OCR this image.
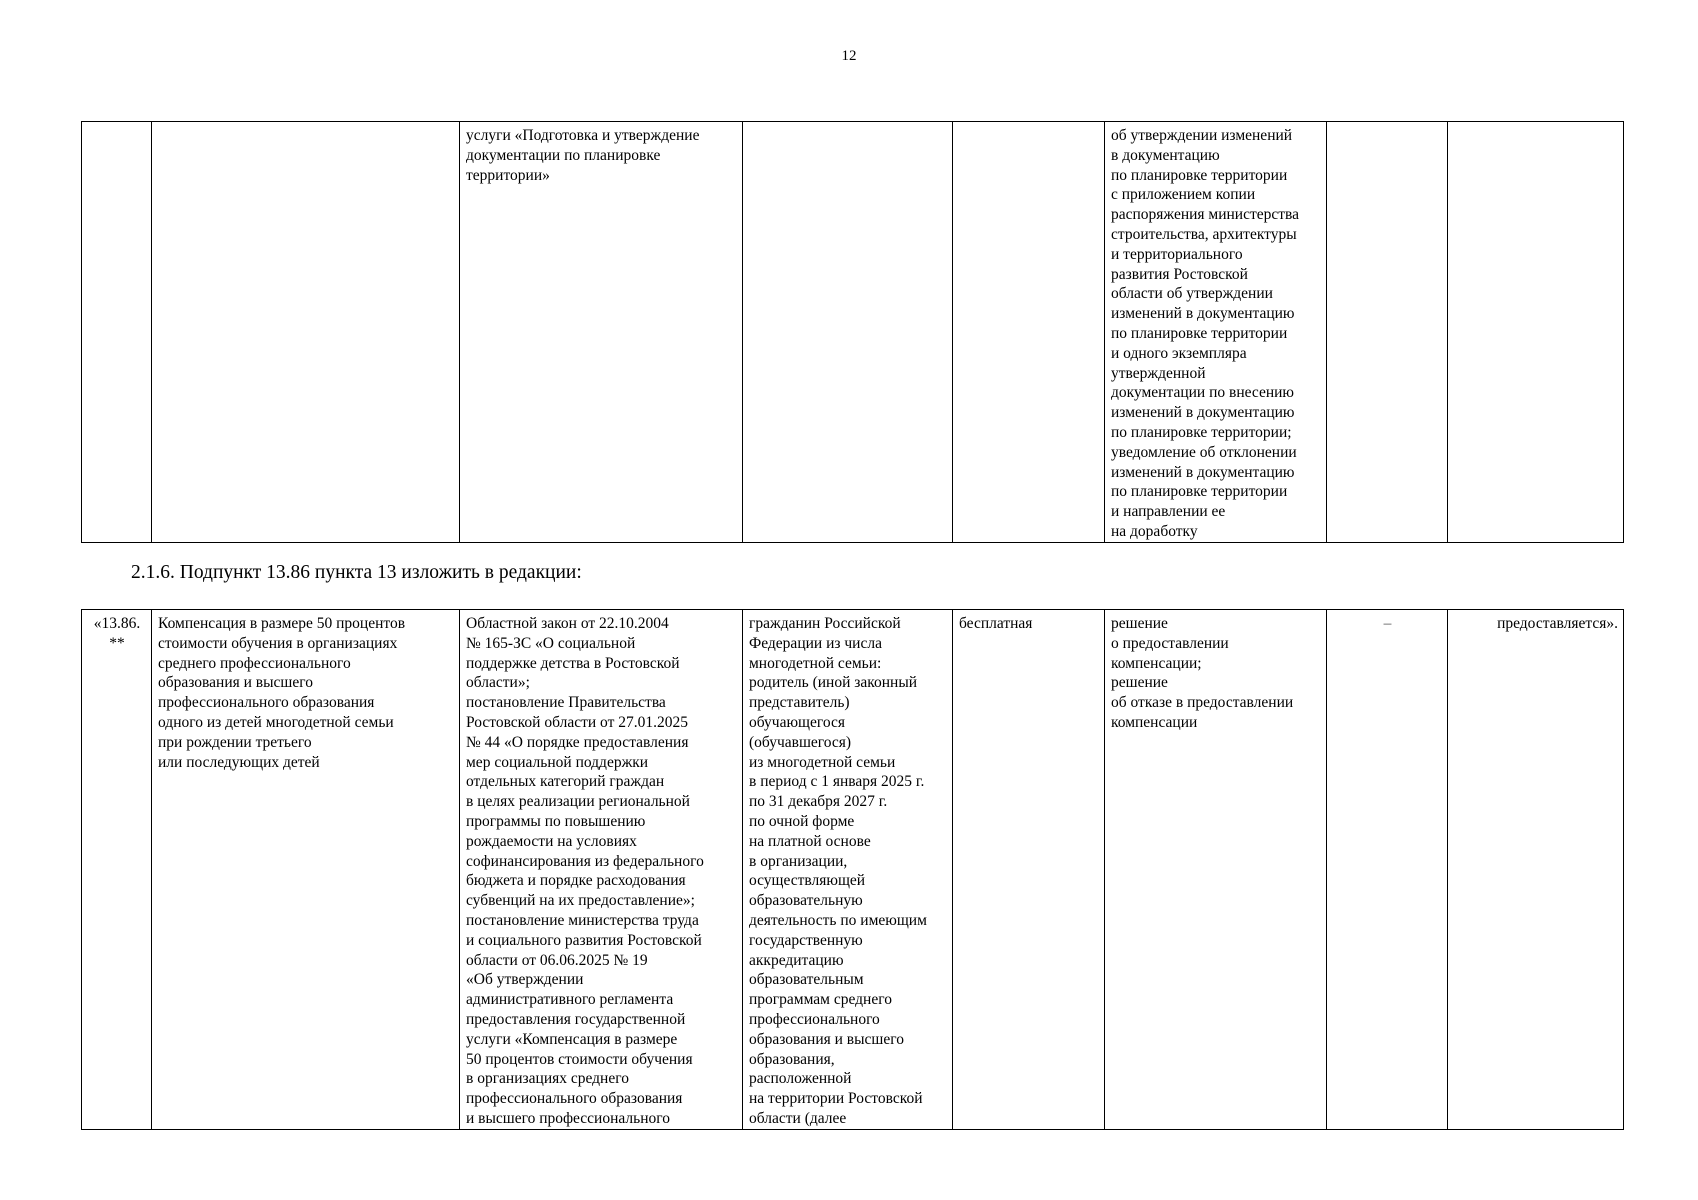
12
		услуги «Подготовка и утверждение
документации по планировке
территории»			об утверждении изменений
в документацию
по планировке территории
с приложением копии
распоряжения министерства
строительства, архитектуры
и территориального
развития Ростовской
области об утверждении
изменений в документацию
по планировке территории
и одного экземпляра
утвержденной
документации по внесению
изменений в документацию
по планировке территории;
уведомление об отклонении
изменений в документацию
по планировке территории
и направлении ее
на доработку		
2.1.6. Подпункт 13.86 пункта 13 изложить в редакции:
«13.86.
**	Компенсация в размере 50 процентов
стоимости обучения в организациях
среднего профессионального
образования и высшего
профессионального образования
одного из детей многодетной семьи
при рождении третьего
или последующих детей	Областной закон от 22.10.2004
№ 165-ЗС «О социальной
поддержке детства в Ростовской
области»;
постановление Правительства
Ростовской области от 27.01.2025
№ 44 «О порядке предоставления
мер социальной поддержки
отдельных категорий граждан
в целях реализации региональной
программы по повышению
рождаемости на условиях
софинансирования из федерального
бюджета и порядке расходования
субвенций на их предоставление»;
постановление министерства труда
и социального развития Ростовской
области от 06.06.2025 № 19
«Об утверждении
административного регламента
предоставления государственной
услуги «Компенсация в размере
50 процентов стоимости обучения
в организациях среднего
профессионального образования
и высшего профессионального	гражданин Российской
Федерации из числа
многодетной семьи:
родитель (иной законный
представитель)
обучающегося
(обучавшегося)
из многодетной семьи
в период с 1 января 2025 г.
по 31 декабря 2027 г.
по очной форме
на платной основе
в организации,
осуществляющей
образовательную
деятельность по имеющим
государственную
аккредитацию
образовательным
программам среднего
профессионального
образования и высшего
образования,
расположенной
на территории Ростовской
области (далее	бесплатная	решение
о предоставлении
компенсации;
решение
об отказе в предоставлении
компенсации	–	предоставляется».
